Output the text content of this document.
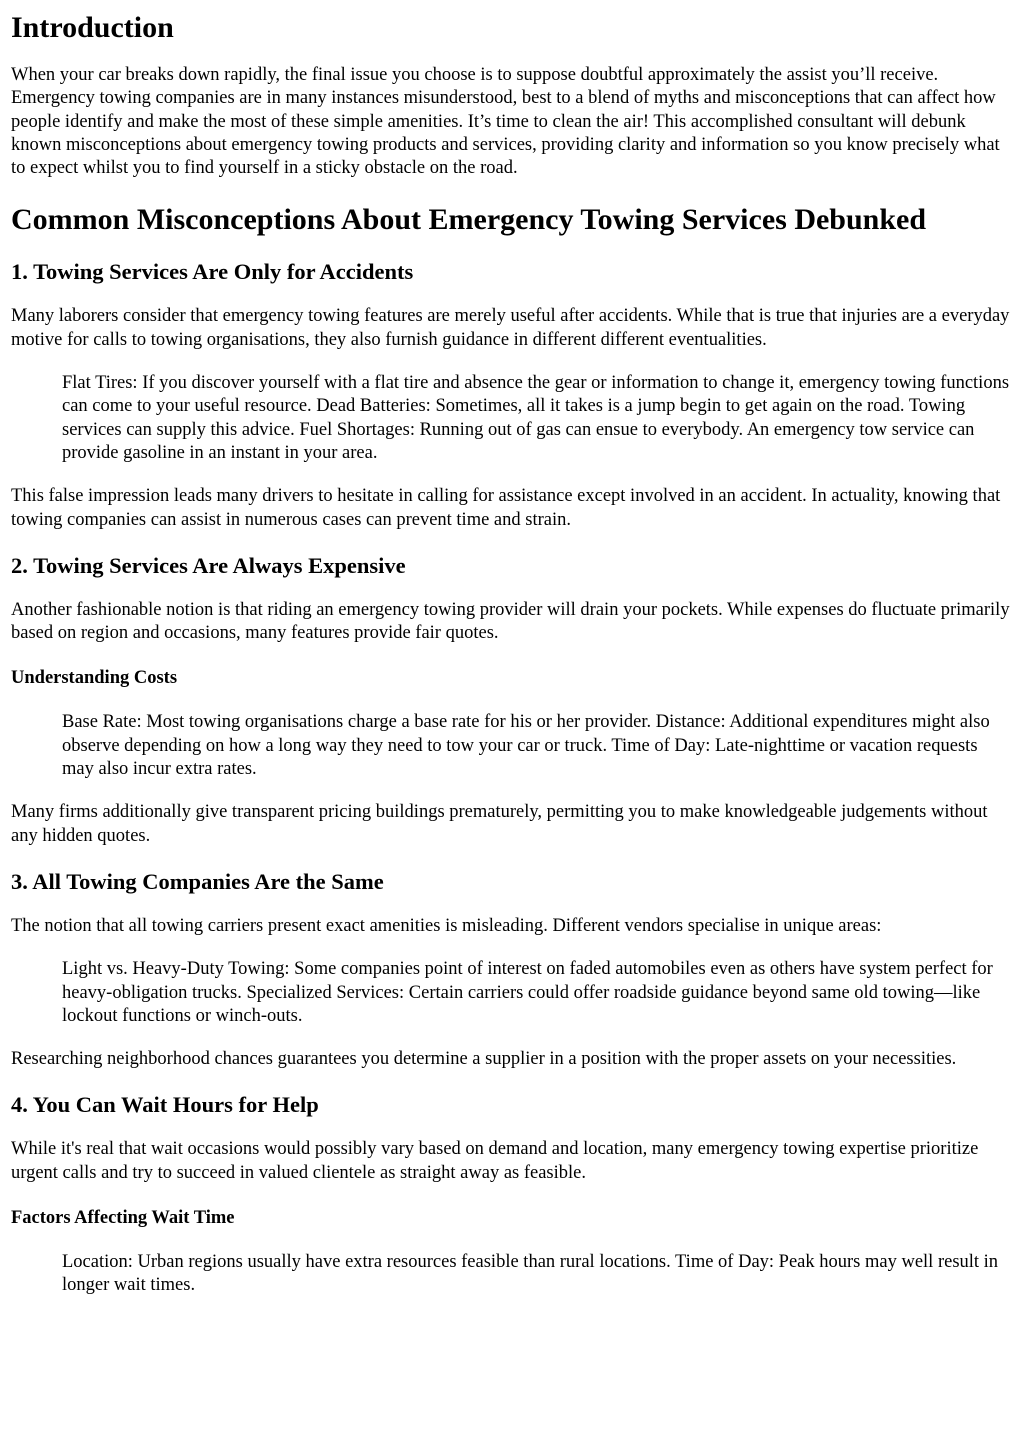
Introduction

When your car breaks down rapidly, the final issue you choose is to suppose doubtful approximately the assist you’ll receive. Emergency towing companies are in many instances misunderstood, best to a blend of myths and misconceptions that can affect how people identify and make the most of these simple amenities. It’s time to clean the air! This accomplished consultant will debunk known misconceptions about emergency towing products and services, providing clarity and information so you know precisely what to expect whilst you to find yourself in a sticky obstacle on the road.

Common Misconceptions About Emergency Towing Services Debunked
1. Towing Services Are Only for Accidents

Many laborers consider that emergency towing features are merely useful after accidents. While that is true that injuries are a everyday motive for calls to towing organisations, they also furnish guidance in different different eventualities.

Flat Tires: If you discover yourself with a flat tire and absence the gear or information to change it, emergency towing functions can come to your useful resource. Dead Batteries: Sometimes, all it takes is a jump begin to get again on the road. Towing services can supply this advice. Fuel Shortages: Running out of gas can ensue to everybody. An emergency tow service can provide gasoline in an instant in your area.

This false impression leads many drivers to hesitate in calling for assistance except involved in an accident. In actuality, knowing that towing companies can assist in numerous cases can prevent time and strain.

2. Towing Services Are Always Expensive

Another fashionable notion is that riding an emergency towing provider will drain your pockets. While expenses do fluctuate primarily based on region and occasions, many features provide fair quotes.

Understanding Costs
Base Rate: Most towing organisations charge a base rate for his or her provider. Distance: Additional expenditures might also observe depending on how a long way they need to tow your car or truck. Time of Day: Late-nighttime or vacation requests may also incur extra rates.

Many firms additionally give transparent pricing buildings prematurely, permitting you to make knowledgeable judgements without any hidden quotes.

3. All Towing Companies Are the Same

The notion that all towing carriers present exact amenities is misleading. Different vendors specialise in unique areas:

Light vs. Heavy-Duty Towing: Some companies point of interest on faded automobiles even as others have system perfect for heavy-obligation trucks. Specialized Services: Certain carriers could offer roadside guidance beyond same old towing—like lockout functions or winch-outs.

Researching neighborhood chances guarantees you determine a supplier in a position with the proper assets on your necessities.

4. You Can Wait Hours for Help

While it's real that wait occasions would possibly vary based on demand and location, many emergency towing expertise prioritize urgent calls and try to succeed in valued clientele as straight away as feasible.

Factors Affecting Wait Time
Location: Urban regions usually have extra resources feasible than rural locations. Time of Day: Peak hours may well result in longer wait times.
